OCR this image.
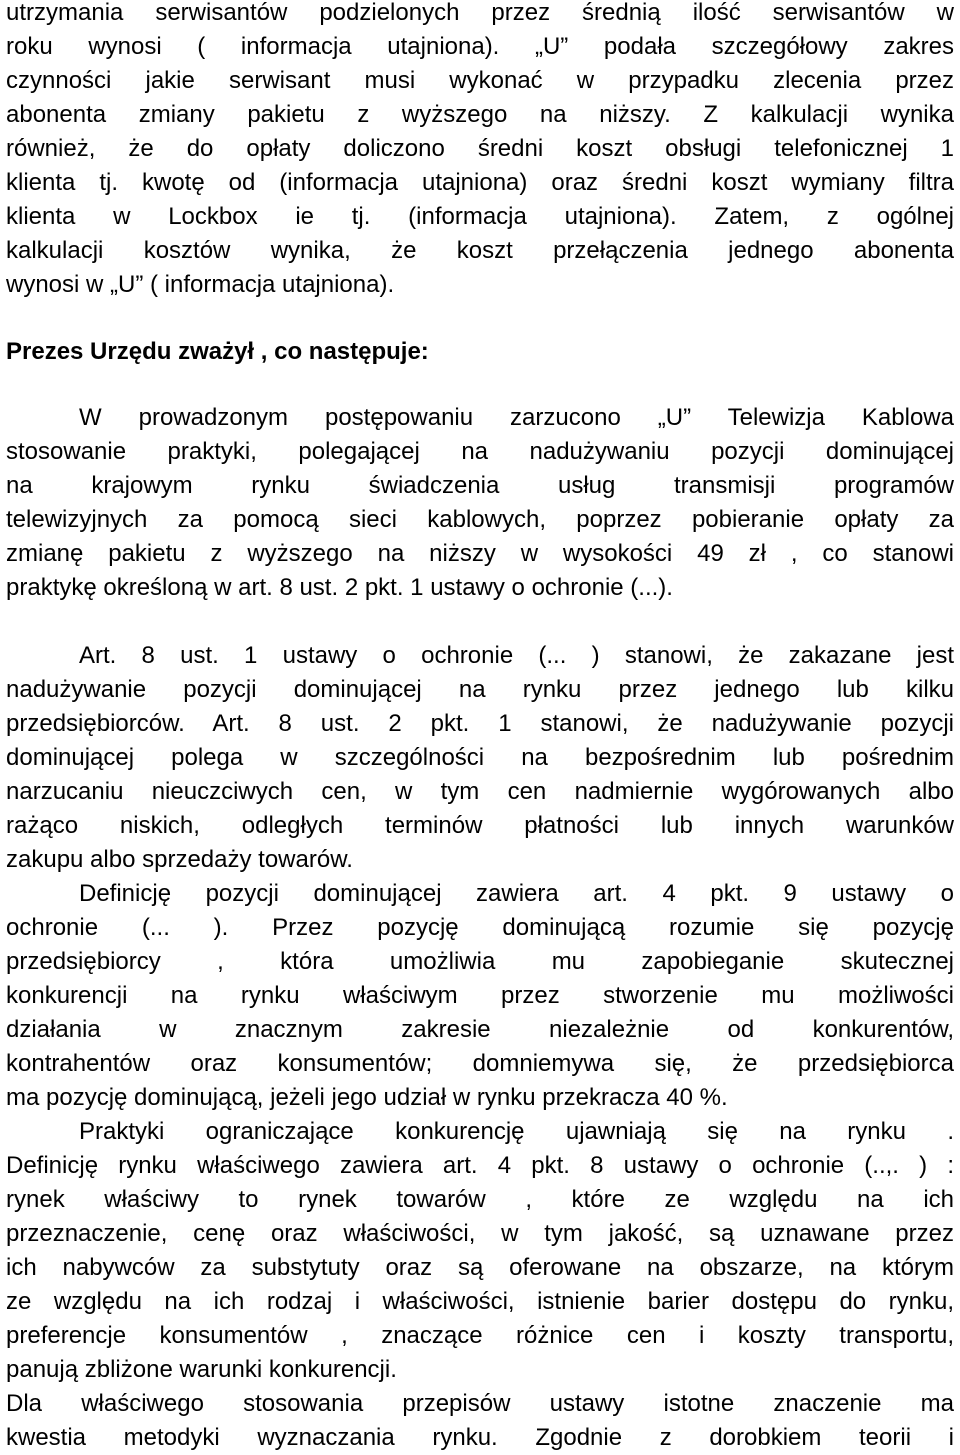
utrzymania serwisantów podzielonych przez średnią ilość serwisantów w
roku wynosi ( informacja utajniona). „U” podała szczegółowy zakres
czynności jakie serwisant musi wykonać w przypadku zlecenia przez
abonenta zmiany pakietu z wyższego na niższy. Z kalkulacji wynika
również, że do opłaty doliczono średni koszt obsługi telefonicznej 1
klienta tj. kwotę od (informacja utajniona) oraz średni koszt wymiany filtra
klienta w Lockbox ie tj. (informacja utajniona). Zatem, z ogólnej
kalkulacji kosztów wynika, że koszt przełączenia jednego abonenta
wynosi w „U” ( informacja utajniona).
Prezes Urzędu zważył , co następuje:
W prowadzonym postępowaniu zarzucono „U” Telewizja Kablowa
stosowanie praktyki, polegającej na nadużywaniu pozycji dominującej
na krajowym rynku świadczenia usług transmisji programów
telewizyjnych za pomocą sieci kablowych, poprzez pobieranie opłaty za
zmianę pakietu z wyższego na niższy w wysokości 49 zł , co stanowi
praktykę określoną w art. 8 ust. 2 pkt. 1 ustawy o ochronie (...).
Art. 8 ust. 1 ustawy o ochronie (... ) stanowi, że zakazane jest
nadużywanie pozycji dominującej na rynku przez jednego lub kilku
przedsiębiorców. Art. 8 ust. 2 pkt. 1 stanowi, że nadużywanie pozycji
dominującej polega w szczególności na bezpośrednim lub pośrednim
narzucaniu nieuczciwych cen, w tym cen nadmiernie wygórowanych albo
rażąco niskich, odległych terminów płatności lub innych warunków
zakupu albo sprzedaży towarów.
Definicję pozycji dominującej zawiera art. 4 pkt. 9 ustawy o
ochronie (... ). Przez pozycję dominującą rozumie się pozycję
przedsiębiorcy , która umożliwia mu zapobieganie skutecznej
konkurencji na rynku właściwym przez stworzenie mu możliwości
działania w znacznym zakresie niezależnie od konkurentów,
kontrahentów oraz konsumentów; domniemywa się, że przedsiębiorca
ma pozycję dominującą, jeżeli jego udział w rynku przekracza 40 %.
Praktyki ograniczające konkurencję ujawniają się na rynku .
Definicję rynku właściwego zawiera art. 4 pkt. 8 ustawy o ochronie (..,. ) :
rynek właściwy to rynek towarów , które ze względu na ich
przeznaczenie, cenę oraz właściwości, w tym jakość, są uznawane przez
ich nabywców za substytuty oraz są oferowane na obszarze, na którym
ze względu na ich rodzaj i właściwości, istnienie barier dostępu do rynku,
preferencje konsumentów , znaczące różnice cen i koszty transportu,
panują zbliżone warunki konkurencji.
Dla właściwego stosowania przepisów ustawy istotne znaczenie ma
kwestia metodyki wyznaczania rynku. Zgodnie z dorobkiem teorii i
